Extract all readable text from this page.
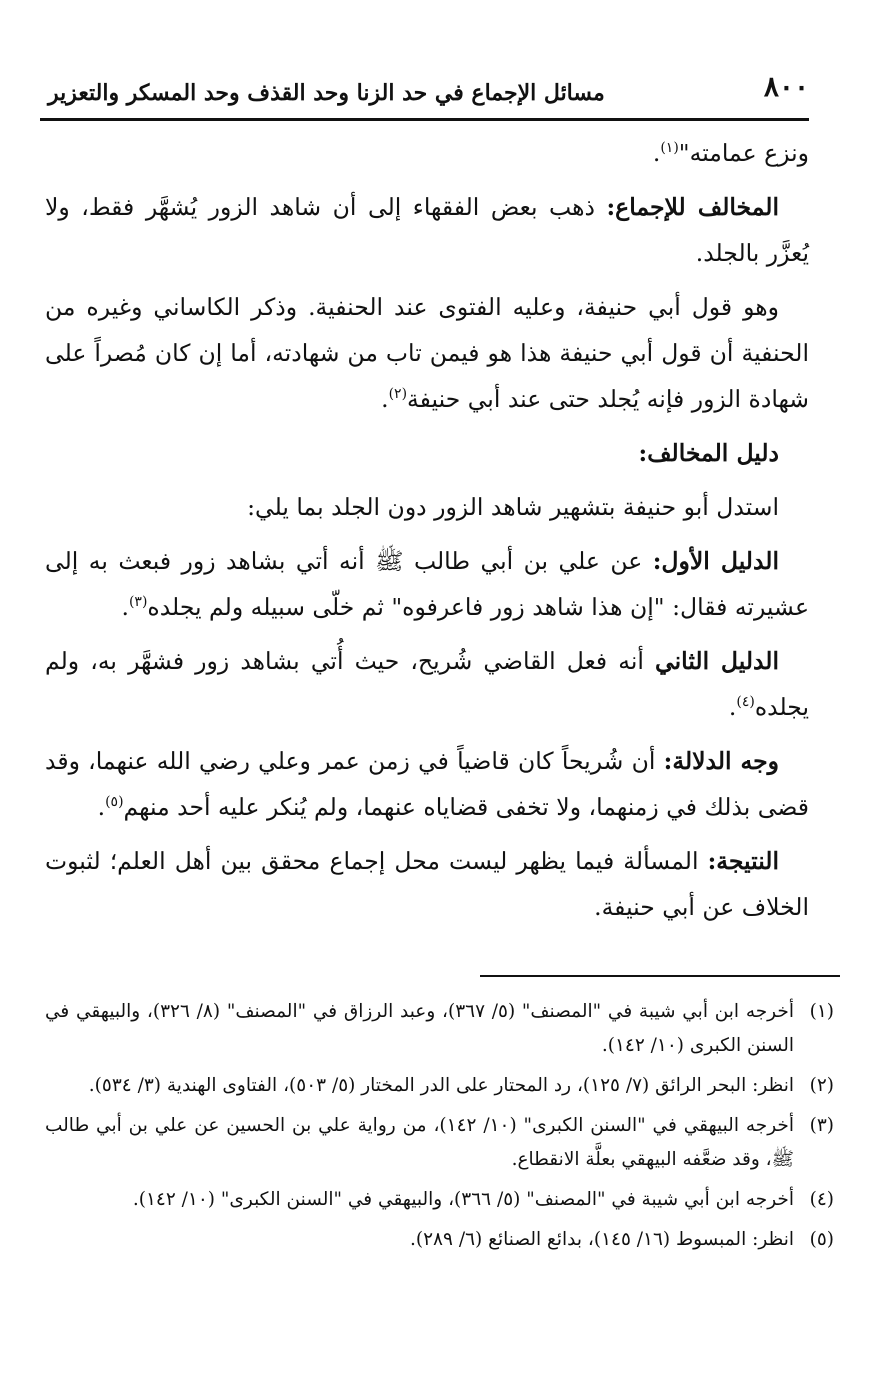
٨٠٠
مسائل الإجماع في حد الزنا وحد القذف وحد المسكر والتعزير

ونزع عمامته"$^{(١)}$.

المخالف للإجماع: ذهب بعض الفقهاء إلى أن شاهد الزور يُشهَّر فقط، ولا يُعزَّر بالجلد.

وهو قول أبي حنيفة، وعليه الفتوى عند الحنفية. وذكر الكاساني وغيره من الحنفية أن قول أبي حنيفة هذا هو فيمن تاب من شهادته، أما إن كان مُصراً على شهادة الزور فإنه يُجلد حتى عند أبي حنيفة$^{(٢)}$.

دليل المخالف:

استدل أبو حنيفة بتشهير شاهد الزور دون الجلد بما يلي:

الدليل الأول: عن علي بن أبي طالب ﷺ أنه أتي بشاهد زور فبعث به إلى عشيرته فقال: "إن هذا شاهد زور فاعرفوه" ثم خلّى سبيله ولم يجلده$^{(٣)}$.

الدليل الثاني أنه فعل القاضي شُريح، حيث أُتي بشاهد زور فشهَّر به، ولم يجلده$^{(٤)}$.

وجه الدلالة: أن شُريحاً كان قاضياً في زمن عمر وعلي رضي الله عنهما، وقد قضى بذلك في زمنهما، ولا تخفى قضاياه عنهما، ولم يُنكر عليه أحد منهم$^{(٥)}$.

النتيجة: المسألة فيما يظهر ليست محل إجماع محقق بين أهل العلم؛ لثبوت الخلاف عن أبي حنيفة.

(١)
أخرجه ابن أبي شيبة في "المصنف" (٥/ ٣٦٧)، وعبد الرزاق في "المصنف" (٨/ ٣٢٦)، والبيهقي في السنن الكبرى (١٠/ ١٤٢).
(٢)
انظر: البحر الرائق (٧/ ١٢٥)، رد المحتار على الدر المختار (٥/ ٥٠٣)، الفتاوى الهندية (٣/ ٥٣٤).
(٣)
أخرجه البيهقي في "السنن الكبرى" (١٠/ ١٤٢)، من رواية علي بن الحسين عن علي بن أبي طالب ﷺ، وقد ضعَّفه البيهقي بعلَّة الانقطاع.
(٤)
أخرجه ابن أبي شيبة في "المصنف" (٥/ ٣٦٦)، والبيهقي في "السنن الكبرى" (١٠/ ١٤٢).
(٥)
انظر: المبسوط (١٦/ ١٤٥)، بدائع الصنائع (٦/ ٢٨٩).
